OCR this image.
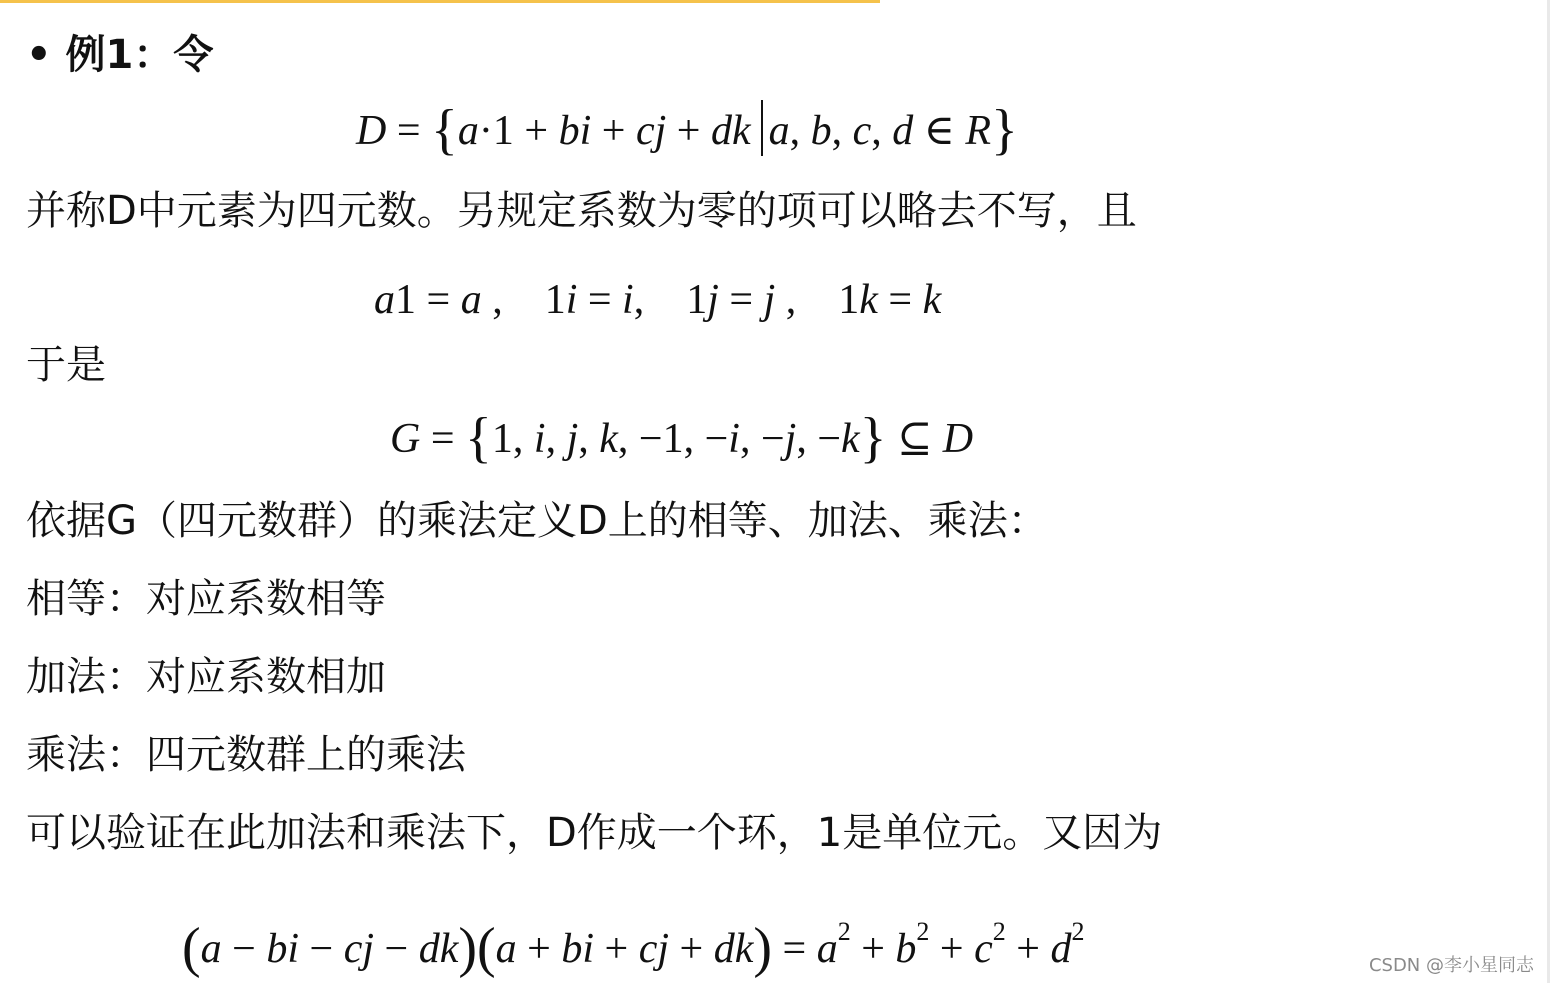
• 例1：令
D = {a·1 + bi + cj + dk a, b, c, d ∈ R}
并称D中元素为四元数。另规定系数为零的项可以略去不写，且
a1 = a ,    1i = i,    1j = j ,    1k = k
于是
G = {1, i, j, k, −1, −i, −j, −k} ⊆ D
依据G（四元数群）的乘法定义D上的相等、加法、乘法：
相等：对应系数相等
加法：对应系数相加
乘法：四元数群上的乘法
可以验证在此加法和乘法下，D作成一个环，1是单位元。又因为
(a − bi − cj − dk)(a + bi + cj + $dk) = a^2 + b^2 + c^2 + d^2$
CSDN @李小星同志
